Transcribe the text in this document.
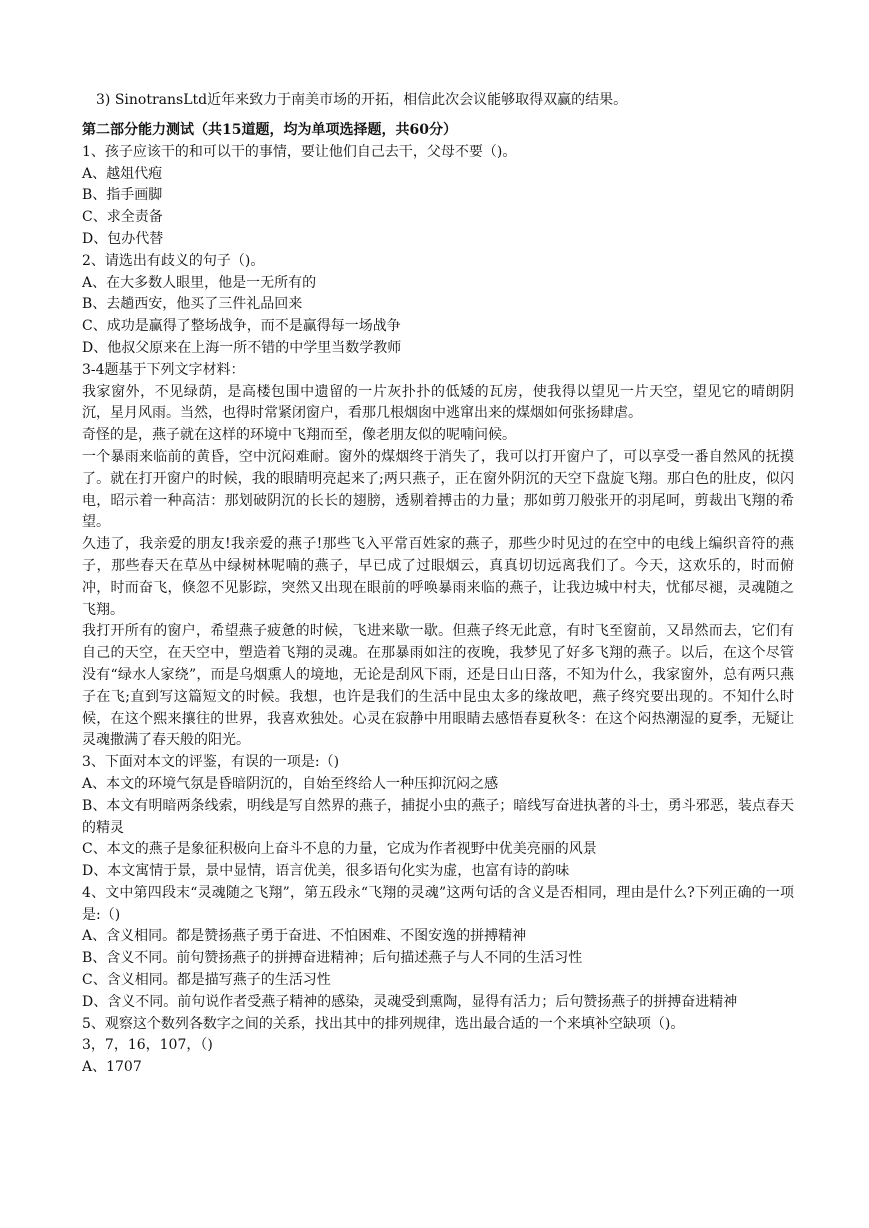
3) SinotransLtd近年来致力于南美市场的开拓，相信此次会议能够取得双赢的结果。
第二部分能力测试（共15道题，均为单项选择题，共60分）
1、孩子应该干的和可以干的事情，要让他们自己去干，父母不要（)。
A、越俎代疱
B、指手画脚
C、求全责备
D、包办代替
2、请选出有歧义的句子（)。
A、在大多数人眼里，他是一无所有的
B、去趟西安，他买了三件礼品回来
C、成功是赢得了整场战争，而不是赢得每一场战争
D、他叔父原来在上海一所不错的中学里当数学教师
3-4题基于下列文字材料：
我家窗外，不见绿荫，是高楼包围中遗留的一片灰扑扑的低矮的瓦房，使我得以望见一片天空，望见它的晴朗阴沉，星月风雨。当然，也得时常紧闭窗户，看那几根烟囱中逃窜出来的煤烟如何张扬肆虐。
奇怪的是，燕子就在这样的环境中飞翔而至，像老朋友似的呢喃问候。
一个暴雨来临前的黄昏，空中沉闷难耐。窗外的煤烟终于消失了，我可以打开窗户了，可以享受一番自然风的抚摸了。就在打开窗户的时候，我的眼睛明亮起来了;两只燕子，正在窗外阴沉的天空下盘旋飞翔。那白色的肚皮，似闪电，昭示着一种高洁：那划破阴沉的长长的翅膀，透剔着搏击的力量；那如剪刀般张开的羽尾呵，剪裁出飞翔的希望。
久违了，我亲爱的朋友!我亲爱的燕子!那些飞入平常百姓家的燕子，那些少时见过的在空中的电线上编织音符的燕子，那些春天在草丛中绿树林呢喃的燕子，早已成了过眼烟云，真真切切远离我们了。今天，这欢乐的，时而俯冲，时而奋飞，倏忽不见影踪，突然又出现在眼前的呼唤暴雨来临的燕子，让我边城中村夫，忧郁尽褪，灵魂随之飞翔。
我打开所有的窗户，希望燕子疲惫的时候，飞进来歇一歇。但燕子终无此意，有时飞至窗前，又昂然而去，它们有自己的天空，在天空中，塑造着飞翔的灵魂。在那暴雨如注的夜晚，我梦见了好多飞翔的燕子。以后，在这个尽管没有“绿水人家绕”，而是乌烟熏人的境地，无论是刮风下雨，还是日山日落，不知为什么，我家窗外，总有两只燕子在飞;直到写这篇短文的时候。我想，也许是我们的生活中昆虫太多的缘故吧，燕子终究要出现的。不知什么时候，在这个熙来攘往的世界，我喜欢独处。心灵在寂静中用眼睛去感悟春夏秋冬：在这个闷热潮湿的夏季，无疑让灵魂撒满了春天般的阳光。
3、下面对本文的评鉴，有误的一项是:（)
A、本文的环境气氛是昏暗阴沉的，自始至终给人一种压抑沉闷之感
B、本文有明暗两条线索，明线是写自然界的燕子，捕捉小虫的燕子；暗线写奋进执著的斗士，勇斗邪恶，装点春天的精灵
C、本文的燕子是象征积极向上奋斗不息的力量，它成为作者视野中优美亮丽的风景
D、本文寓情于景，景中显情，语言优美，很多语句化实为虚，也富有诗的韵味
4、文中第四段末“灵魂随之飞翔”，第五段永“飞翔的灵魂”这两句话的含义是否相同，理由是什么?下列正确的一项是:（)
A、含义相同。都是赞扬燕子勇于奋进、不怕困难、不图安逸的拼搏精神
B、含义不同。前句赞扬燕子的拼搏奋进精神；后句描述燕子与人不同的生活习性
C、含义相同。都是描写燕子的生活习性
D、含义不同。前句说作者受燕子精神的感染，灵魂受到熏陶，显得有活力；后句赞扬燕子的拼搏奋进精神
5、观察这个数列各数字之间的关系，找出其中的排列规律，选出最合适的一个来填补空缺项（)。
3，7，16，107，（)
A、1707
